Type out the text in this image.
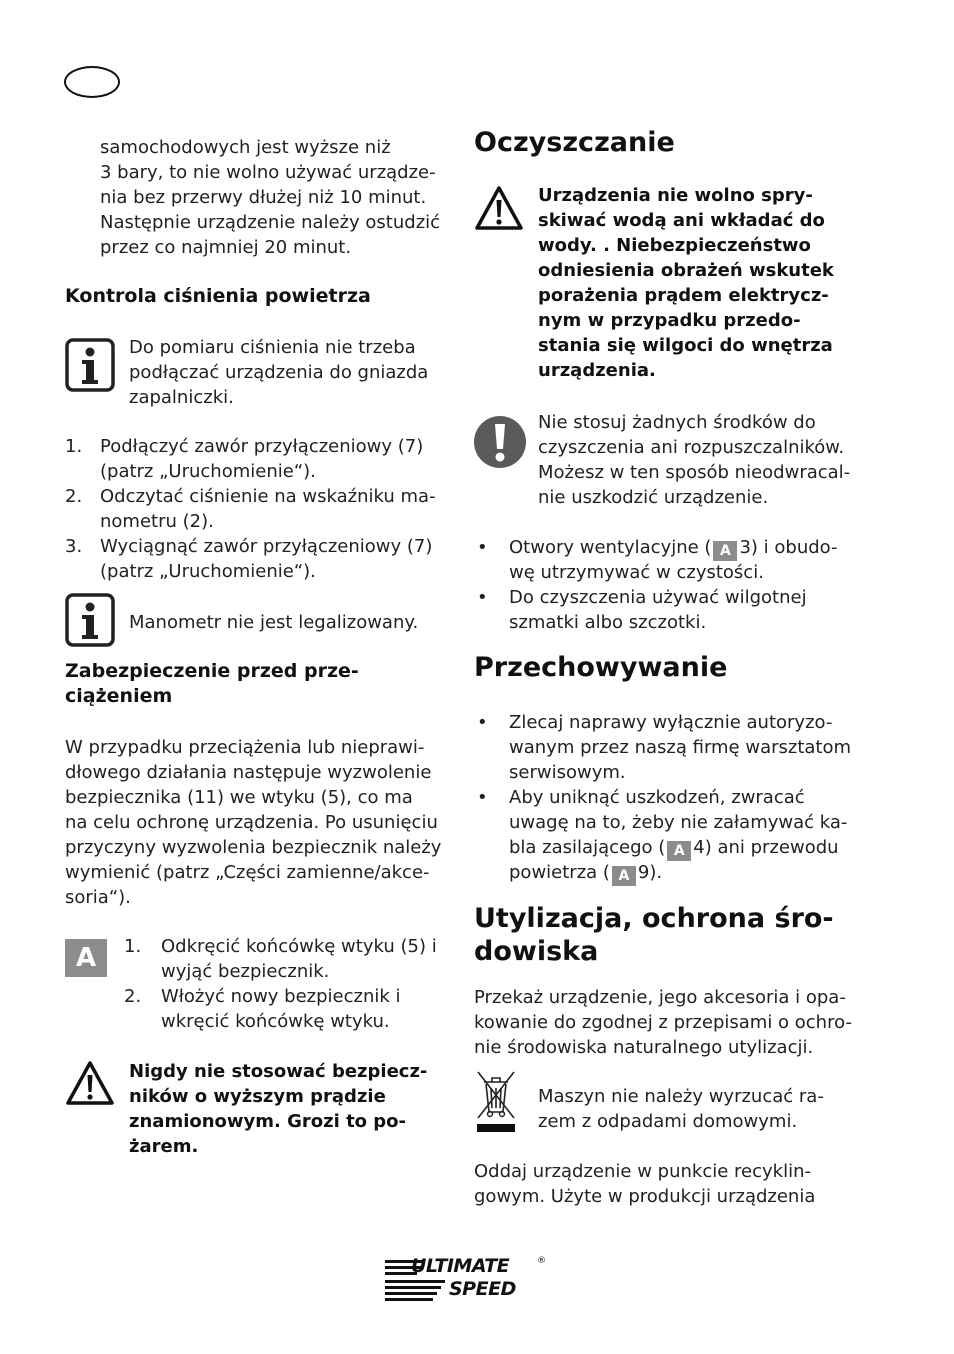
samochodowych jest wyższe niż
3 bary, to nie wolno używać urządze-
nia bez przerwy dłużej niż 10 minut.
Następnie urządzenie należy ostudzić
przez co najmniej 20 minut.
Kontrola ciśnienia powietrza
Do pomiaru ciśnienia nie trzeba
podłączać urządzenia do gniazda
zapalniczki.
1. Podłączyć zawór przyłączeniowy (7)
(patrz „Uruchomienie“).
2. Odczytać ciśnienie na wskaźniku ma-
nometru (2).
3. Wyciągnąć zawór przyłączeniowy (7)
(patrz „Uruchomienie“).
Manometr nie jest legalizowany.
Zabezpieczenie przed prze-
ciążeniem
W przypadku przeciążenia lub nieprawi-
dłowego działania następuje wyzwolenie
bezpiecznika (11) we wtyku (5), co ma
na celu ochronę urządzenia. Po usunięciu
przyczyny wyzwolenia bezpiecznik należy
wymienić (patrz „Części zamienne/akce-
soria“).
A	1. Odkręcić końcówkę wtyku (5) i
wyjąć bezpiecznik.
2. Włożyć nowy bezpiecznik i
wkręcić końcówkę wtyku.
Nigdy nie stosować bezpiecz-
ników o wyższym prądzie
znamionowym. Grozi to po-
żarem.
Oczyszczanie
Urządzenia nie wolno spry-
skiwać wodą ani wkładać do
wody. . Niebezpieczeństwo
odniesienia obrażeń wskutek
porażenia prądem elektrycz-
nym w przypadku przedo-
stania się wilgoci do wnętrza
urządzenia.
Nie stosuj żadnych środków do
czyszczenia ani rozpuszczalników.
Możesz w ten sposób nieodwracal-
nie uszkodzić urządzenie.
• Otwory wentylacyjne ( A 3) i obudo-
wę utrzymywać w czystości.
• Do czyszczenia używać wilgotnej
szmatki albo szczotki.
Przechowywanie
• Zlecaj naprawy wyłącznie autoryzo-
wanym przez naszą firmę warsztatom
serwisowym.
• Aby uniknąć uszkodzeń, zwracać
uwagę na to, żeby nie załamywać ka-
bla zasilającego ( A 4) ani przewodu
powietrza ( A 9).
Utylizacja, ochrona śro-
dowiska
Przekaż urządzenie, jego akcesoria i opa-
kowanie do zgodnej z przepisami o ochro-
nie środowiska naturalnego utylizacji.
Maszyn nie należy wyrzucać ra-
zem z odpadami domowymi.
Oddaj urządzenie w punkcie recyklin-
gowym. Użyte w produkcji urządzenia
ULTIMATE
SPEED
®
